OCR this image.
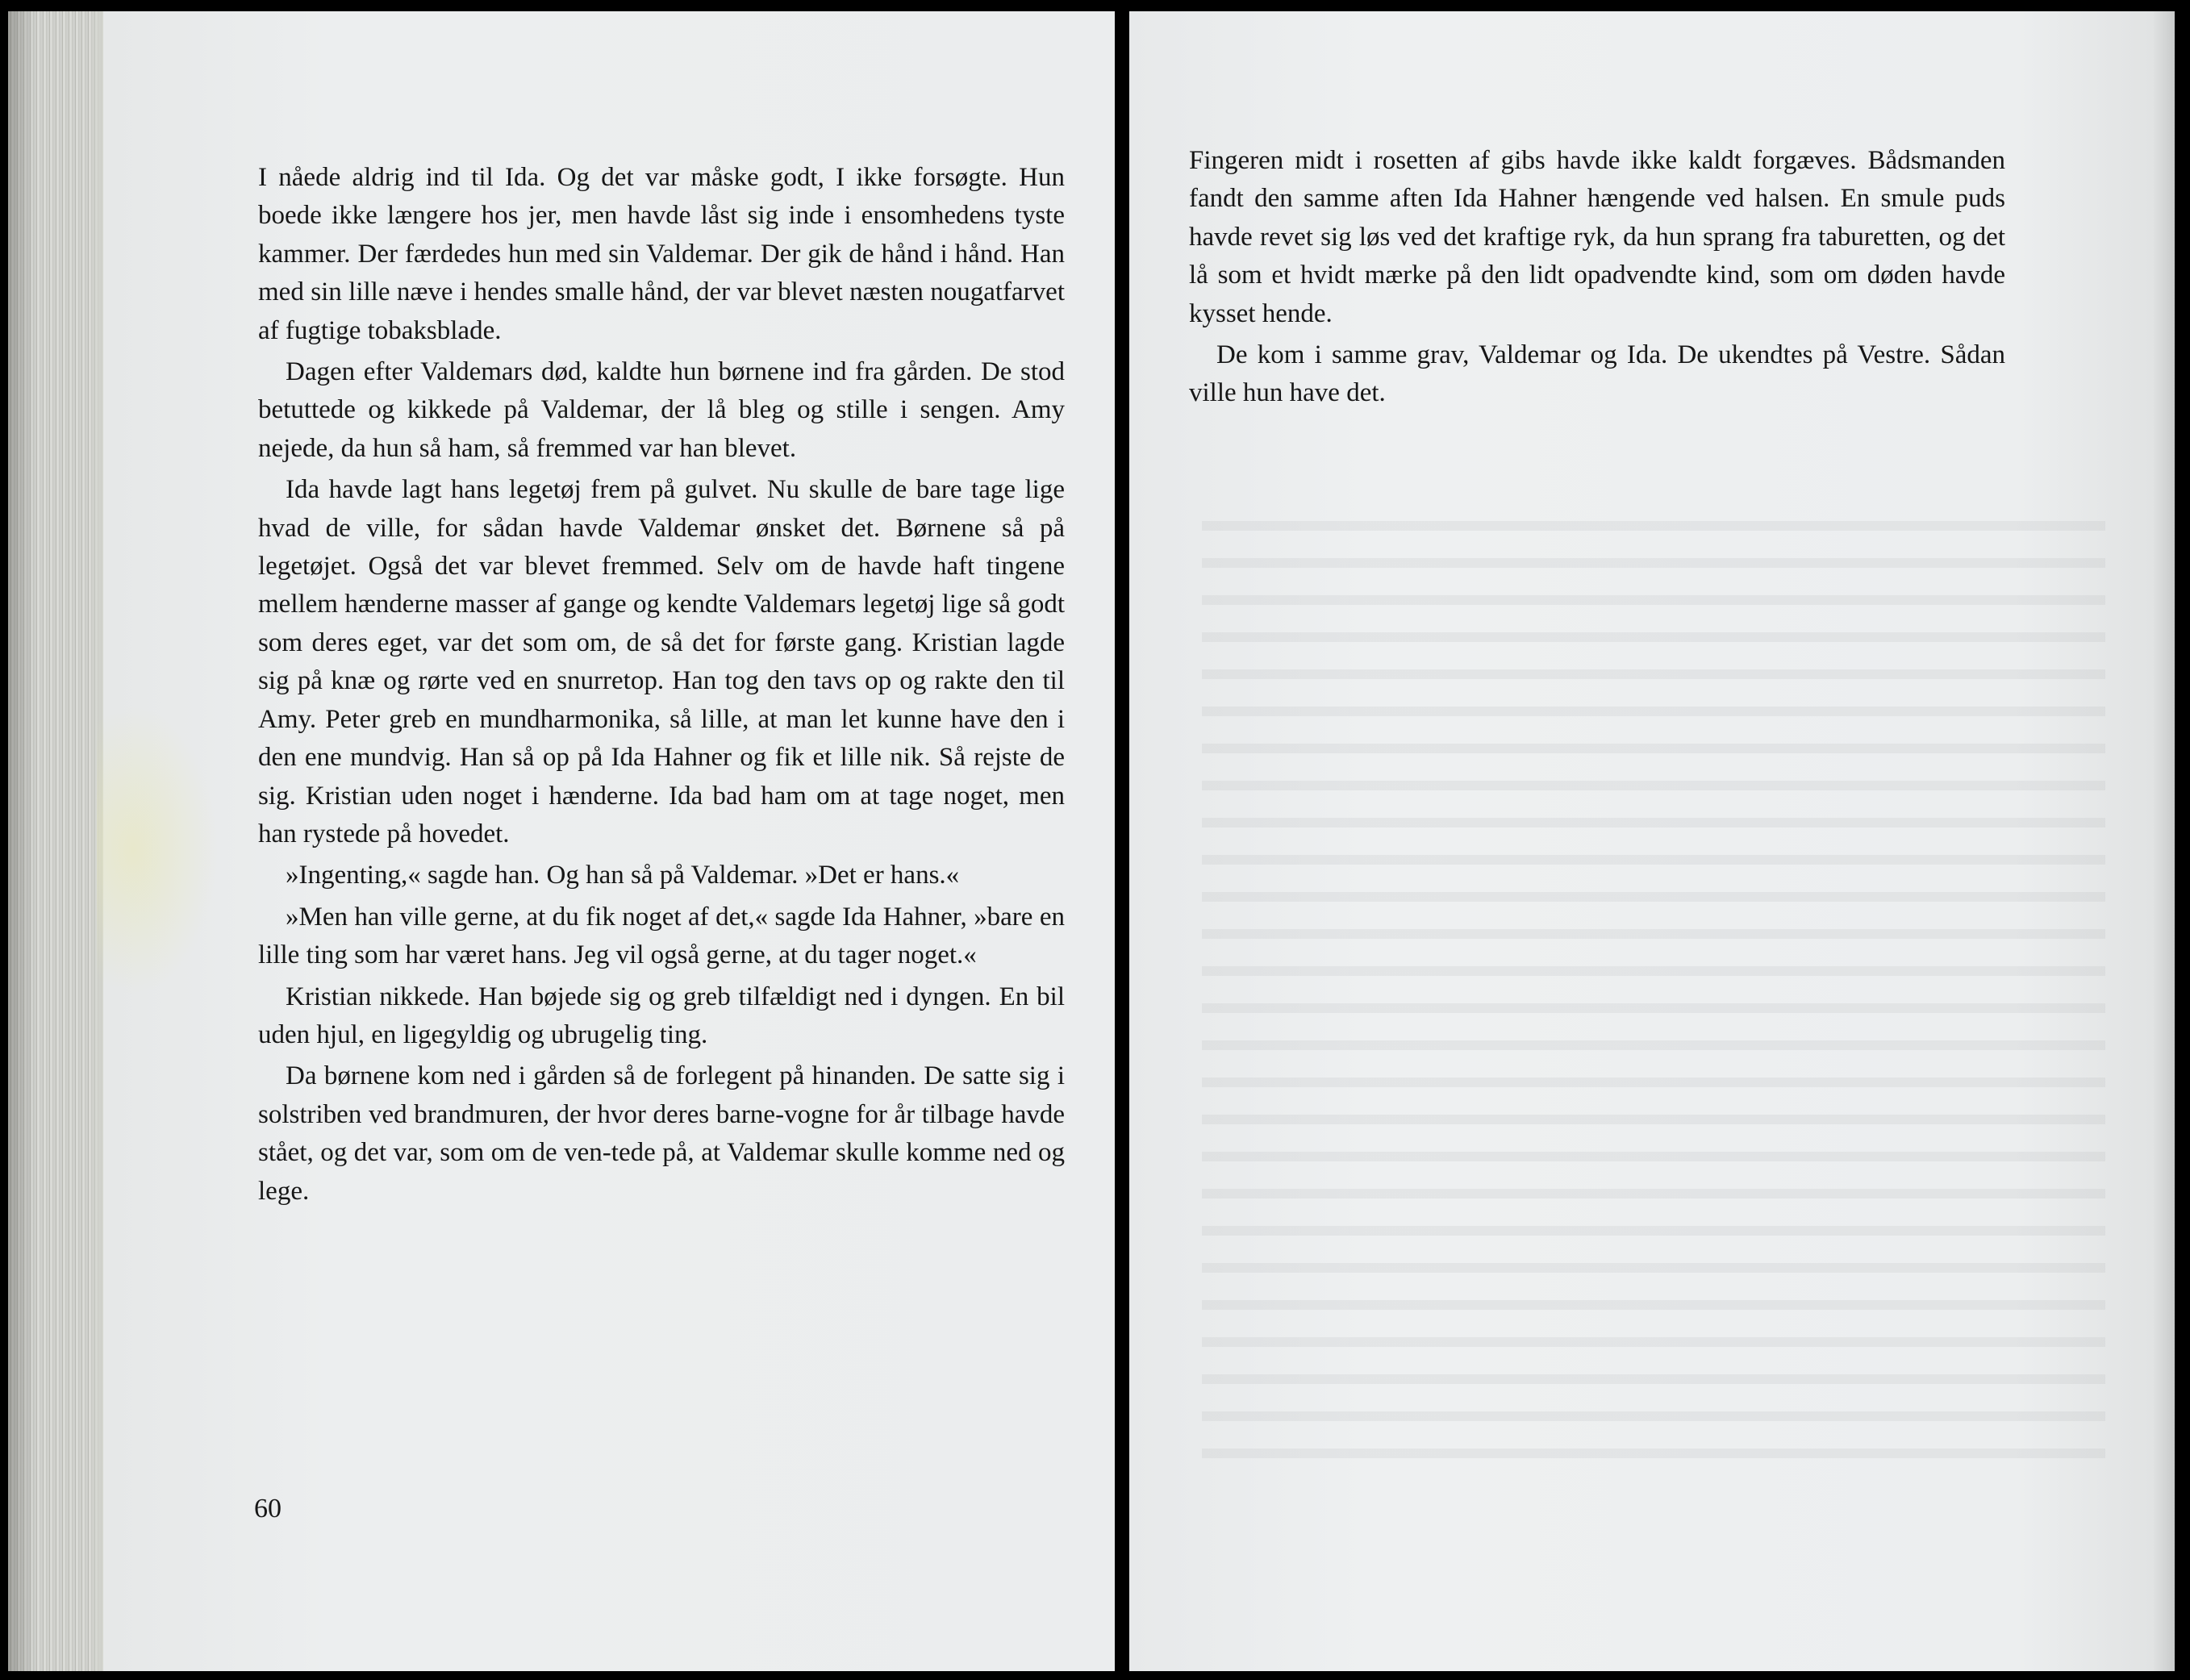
I nåede aldrig ind til Ida. Og det var måske godt, I ikke forsøgte. Hun boede ikke længere hos jer, men havde låst sig inde i ensomhedens tyste kammer. Der færdedes hun med sin Valdemar. Der gik de hånd i hånd. Han med sin lille næve i hendes smalle hånd, der var blevet næsten nougatfarvet af fugtige tobaksblade.

Dagen efter Valdemars død, kaldte hun børnene ind fra gården. De stod betuttede og kikkede på Valdemar, der lå bleg og stille i sengen. Amy nejede, da hun så ham, så fremmed var han blevet.

Ida havde lagt hans legetøj frem på gulvet. Nu skulle de bare tage lige hvad de ville, for sådan havde Valdemar ønsket det. Børnene så på legetøjet. Også det var blevet fremmed. Selv om de havde haft tingene mellem hænderne masser af gange og kendte Valdemars legetøj lige så godt som deres eget, var det som om, de så det for første gang. Kristian lagde sig på knæ og rørte ved en snurretop. Han tog den tavs op og rakte den til Amy. Peter greb en mundharmonika, så lille, at man let kunne have den i den ene mundvig. Han så op på Ida Hahner og fik et lille nik. Så rejste de sig. Kristian uden noget i hænderne. Ida bad ham om at tage noget, men han rystede på hovedet.

»Ingenting,« sagde han. Og han så på Valdemar. »Det er hans.«

»Men han ville gerne, at du fik noget af det,« sagde Ida Hahner, »bare en lille ting som har været hans. Jeg vil også gerne, at du tager noget.«

Kristian nikkede. Han bøjede sig og greb tilfældigt ned i dyngen. En bil uden hjul, en ligegyldig og ubrugelig ting.

Da børnene kom ned i gården så de forlegent på hinanden. De satte sig i solstriben ved brandmuren, der hvor deres barne-vogne for år tilbage havde stået, og det var, som om de ven-tede på, at Valdemar skulle komme ned og lege.

60

Fingeren midt i rosetten af gibs havde ikke kaldt forgæves. Bådsmanden fandt den samme aften Ida Hahner hængende ved halsen. En smule puds havde revet sig løs ved det kraftige ryk, da hun sprang fra taburetten, og det lå som et hvidt mærke på den lidt opadvendte kind, som om døden havde kysset hende.

De kom i samme grav, Valdemar og Ida. De ukendtes på Vestre. Sådan ville hun have det.
